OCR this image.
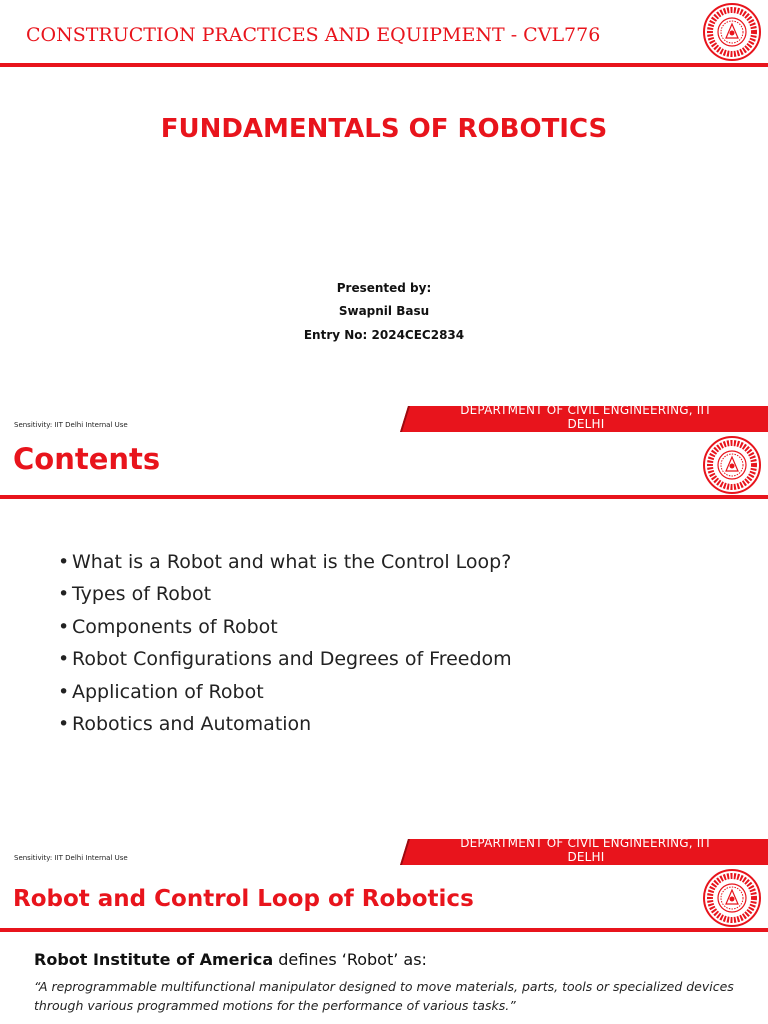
CONSTRUCTION PRACTICES AND EQUIPMENT - CVL776
FUNDAMENTALS OF ROBOTICS
Presented by:
Swapnil Basu
Entry No: 2024CEC2834
Sensitivity: IIT Delhi Internal Use
DEPARTMENT OF CIVIL ENGINEERING, IIT DELHI
Contents
• What is a Robot and what is the Control Loop?
• Types of Robot
• Components of Robot
• Robot Configurations and Degrees of Freedom
• Application of Robot
• Robotics and Automation
Sensitivity: IIT Delhi Internal Use
DEPARTMENT OF CIVIL ENGINEERING, IIT DELHI
Robot and Control Loop of Robotics
Robot Institute of America defines ‘Robot’ as:
“A reprogrammable multifunctional manipulator designed to move materials, parts, tools or specialized devices through various programmed motions for the performance of various tasks.”
